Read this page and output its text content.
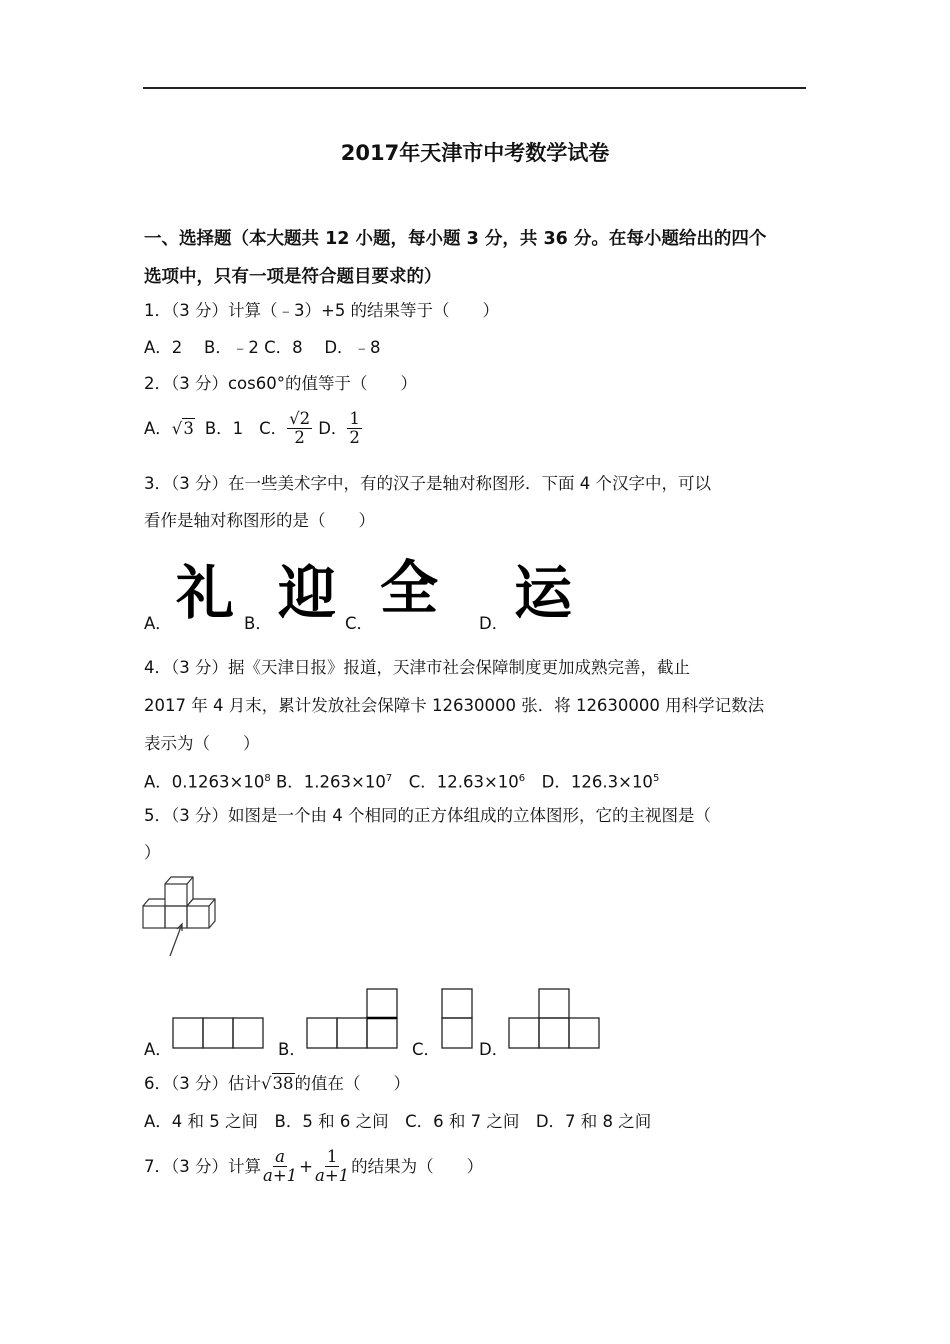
2017年天津市中考数学试卷
一、选择题（本大题共 12 小题，每小题 3 分，共 36 分。在每小题给出的四个
选项中，只有一项是符合题目要求的）
1．（3 分）计算（﹣3）+5 的结果等于（　　）
A．2　 B．﹣2 C．8　 D．﹣8
2．（3 分）cos60°的值等于（　　）
A． √3 B．1 C． $\frac{√2}{2}$ D． $\frac{1}{2}$
3．（3 分）在一些美术字中，有的汉子是轴对称图形．下面 4 个汉字中，可以
看作是轴对称图形的是（　　）
A． 礼 B． 迎 C．
全
D． 运
4．（3 分）据《天津日报》报道，天津市社会保障制度更加成熟完善，截止
2017 年 4 月末，累计发放社会保障卡 12630000 张．将 12630000 用科学记数法
表示为（　　）
A．$0.1263\times 10^8$ B．$1.263\times 10^7$　C．$12.63\times 10^6$　D．$126.3\times 10^5$
5．（3 分）如图是一个由 4 个相同的正方体组成的立体图形，它的主视图是（
）
A．	B．	C． D．
6．（3 分）估计√38的值在（　　）
A．4 和 5 之间　B．5 和 6 之间　C．6 和 7 之间　D．7 和 8 之间
7．（3 分）计算 $\frac{a}{a+1} + \frac{1}{a+1}$ 的结果为（　　）
